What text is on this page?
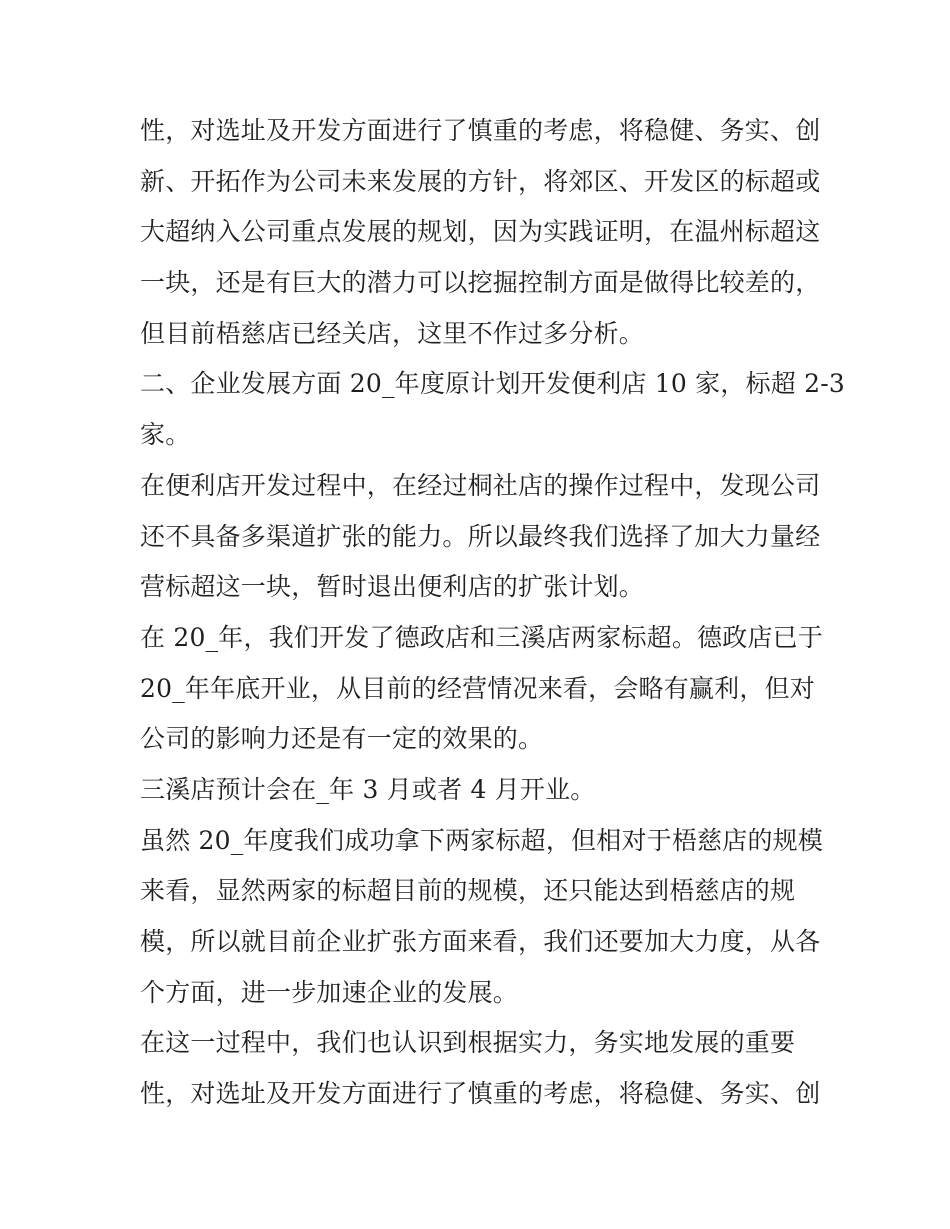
性，对选址及开发方面进行了慎重的考虑，将稳健、务实、创
新、开拓作为公司未来发展的方针，将郊区、开发区的标超或
大超纳入公司重点发展的规划，因为实践证明，在温州标超这
一块，还是有巨大的潜力可以挖掘控制方面是做得比较差的，
但目前梧慈店已经关店，这里不作过多分析。
二、企业发展方面 20_年度原计划开发便利店 10 家，标超 2-3
家。
在便利店开发过程中，在经过桐社店的操作过程中，发现公司
还不具备多渠道扩张的能力。所以最终我们选择了加大力量经
营标超这一块，暂时退出便利店的扩张计划。
在 20_年，我们开发了德政店和三溪店两家标超。德政店已于
20_年年底开业，从目前的经营情况来看，会略有赢利，但对
公司的影响力还是有一定的效果的。
三溪店预计会在_年 3 月或者 4 月开业。
虽然 20_年度我们成功拿下两家标超，但相对于梧慈店的规模
来看，显然两家的标超目前的规模，还只能达到梧慈店的规
模，所以就目前企业扩张方面来看，我们还要加大力度，从各
个方面，进一步加速企业的发展。
在这一过程中，我们也认识到根据实力，务实地发展的重要
性，对选址及开发方面进行了慎重的考虑，将稳健、务实、创
